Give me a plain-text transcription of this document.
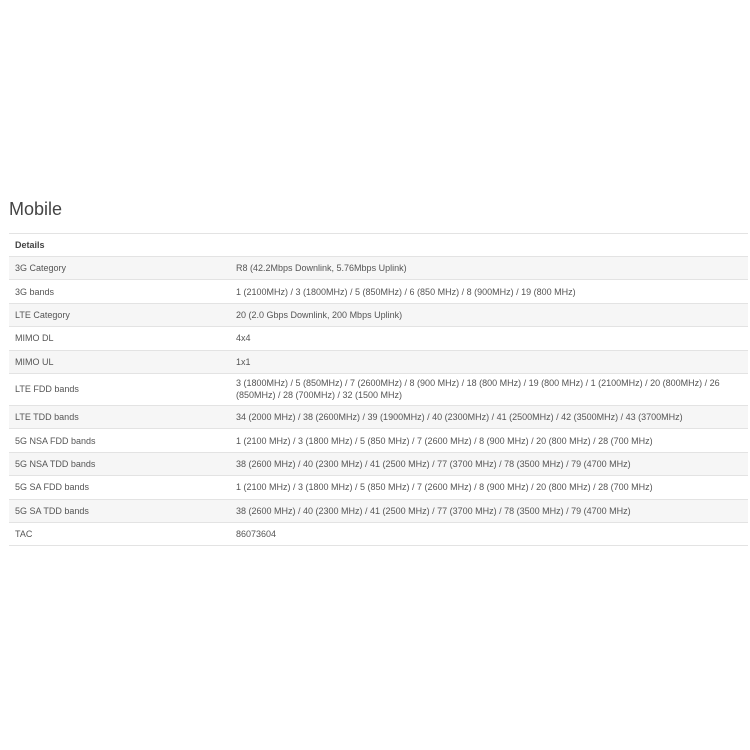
Mobile
Details	
3G Category	R8 (42.2Mbps Downlink, 5.76Mbps Uplink)
3G bands	1 (2100MHz) / 3 (1800MHz) / 5 (850MHz) / 6 (850 MHz) / 8 (900MHz) / 19 (800 MHz)
LTE Category	20 (2.0 Gbps Downlink, 200 Mbps Uplink)
MIMO DL	4x4
MIMO UL	1x1
LTE FDD bands	3 (1800MHz) / 5 (850MHz) / 7 (2600MHz) / 8 (900 MHz) / 18 (800 MHz) / 19 (800 MHz) / 1 (2100MHz) / 20 (800MHz) / 26 (850MHz) / 28 (700MHz) / 32 (1500 MHz)
LTE TDD bands	34 (2000 MHz) / 38 (2600MHz) / 39 (1900MHz) / 40 (2300MHz) / 41 (2500MHz) / 42 (3500MHz) / 43 (3700MHz)
5G NSA FDD bands	1 (2100 MHz) / 3 (1800 MHz) / 5 (850 MHz) / 7 (2600 MHz) / 8 (900 MHz) / 20 (800 MHz) / 28 (700 MHz)
5G NSA TDD bands	38 (2600 MHz) / 40 (2300 MHz) / 41 (2500 MHz) / 77 (3700 MHz) / 78 (3500 MHz) / 79 (4700 MHz)
5G SA FDD bands	1 (2100 MHz) / 3 (1800 MHz) / 5 (850 MHz) / 7 (2600 MHz) / 8 (900 MHz) / 20 (800 MHz) / 28 (700 MHz)
5G SA TDD bands	38 (2600 MHz) / 40 (2300 MHz) / 41 (2500 MHz) / 77 (3700 MHz) / 78 (3500 MHz) / 79 (4700 MHz)
TAC	86073604
